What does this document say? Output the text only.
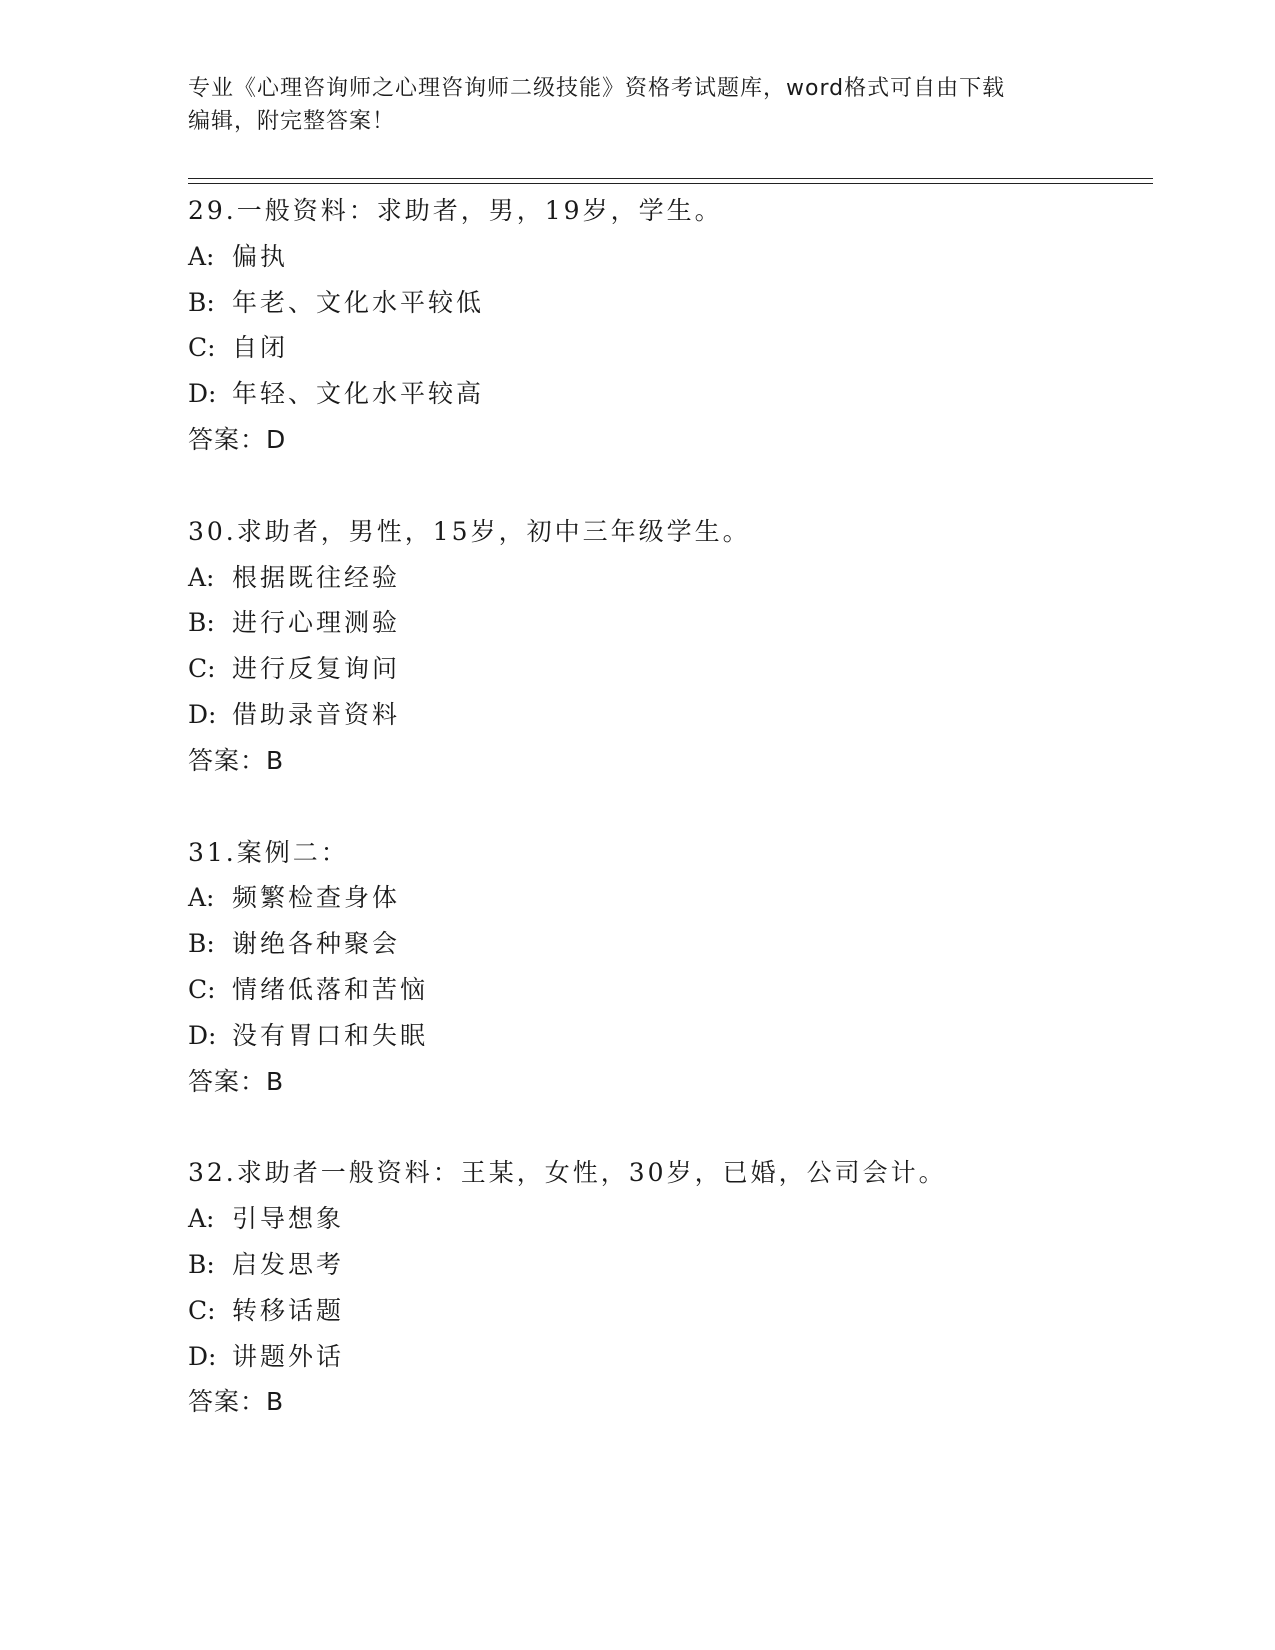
专业《心理咨询师之心理咨询师二级技能》资格考试题库，word格式可自由下载
编辑，附完整答案！
29.一般资料：求助者，男，19岁，学生。
A: 偏执
B: 年老、文化水平较低
C: 自闭
D: 年轻、文化水平较高
答案：D
30.求助者，男性，15岁，初中三年级学生。
A: 根据既往经验
B: 进行心理测验
C: 进行反复询问
D: 借助录音资料
答案：B
31.案例二：
A: 频繁检查身体
B: 谢绝各种聚会
C: 情绪低落和苦恼
D: 没有胃口和失眠
答案：B
32.求助者一般资料：王某，女性，30岁，已婚，公司会计。
A: 引导想象
B: 启发思考
C: 转移话题
D: 讲题外话
答案：B
